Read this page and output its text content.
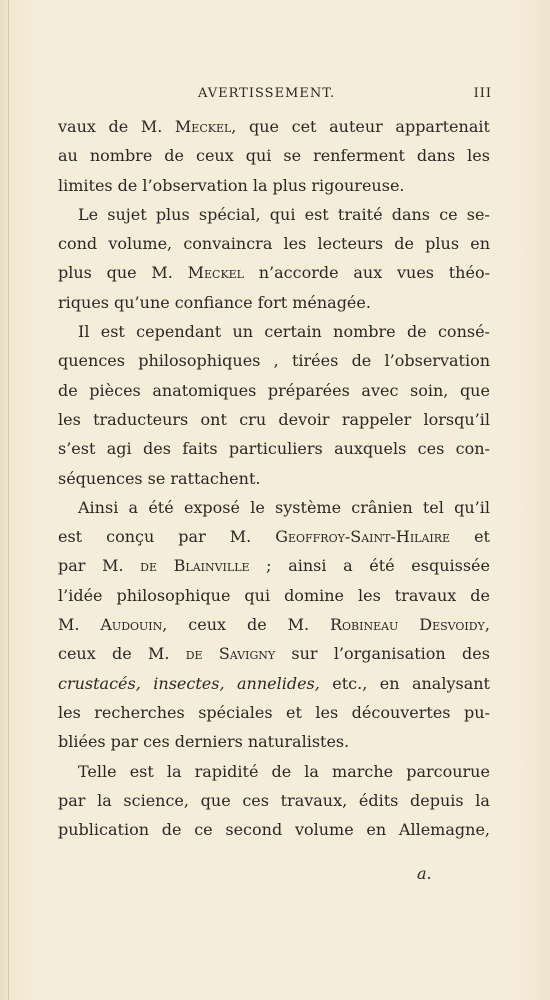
AVERTISSEMENT.	III
vaux de M. Meckel, que cet auteur appartenait
au nombre de ceux qui se renferment dans les
limites de l’observation la plus rigoureuse.
Le sujet plus spécial, qui est traité dans ce se-
cond volume, convaincra les lecteurs de plus en
plus que M. Meckel n’accorde aux vues théo-
riques qu’une confiance fort ménagée.
Il est cependant un certain nombre de consé-
quences philosophiques , tirées de l’observation
de pièces anatomiques préparées avec soin, que
les traducteurs ont cru devoir rappeler lorsqu’il
s’est agi des faits particuliers auxquels ces con-
séquences se rattachent.
Ainsi a été exposé le système crânien tel qu’il
est conçu par M. Geoffroy-Saint-Hilaire et
par M. de Blainville ; ainsi a été esquissée
l’idée philosophique qui domine les travaux de
M. Audouin, ceux de M. Robineau Desvoidy,
ceux de M. de Savigny sur l’organisation des
crustacés, insectes, annelides, etc., en analysant
les recherches spéciales et les découvertes pu-
bliées par ces derniers naturalistes.
Telle est la rapidité de la marche parcourue
par la science, que ces travaux, édits depuis la
publication de ce second volume en Allemagne,
a.
